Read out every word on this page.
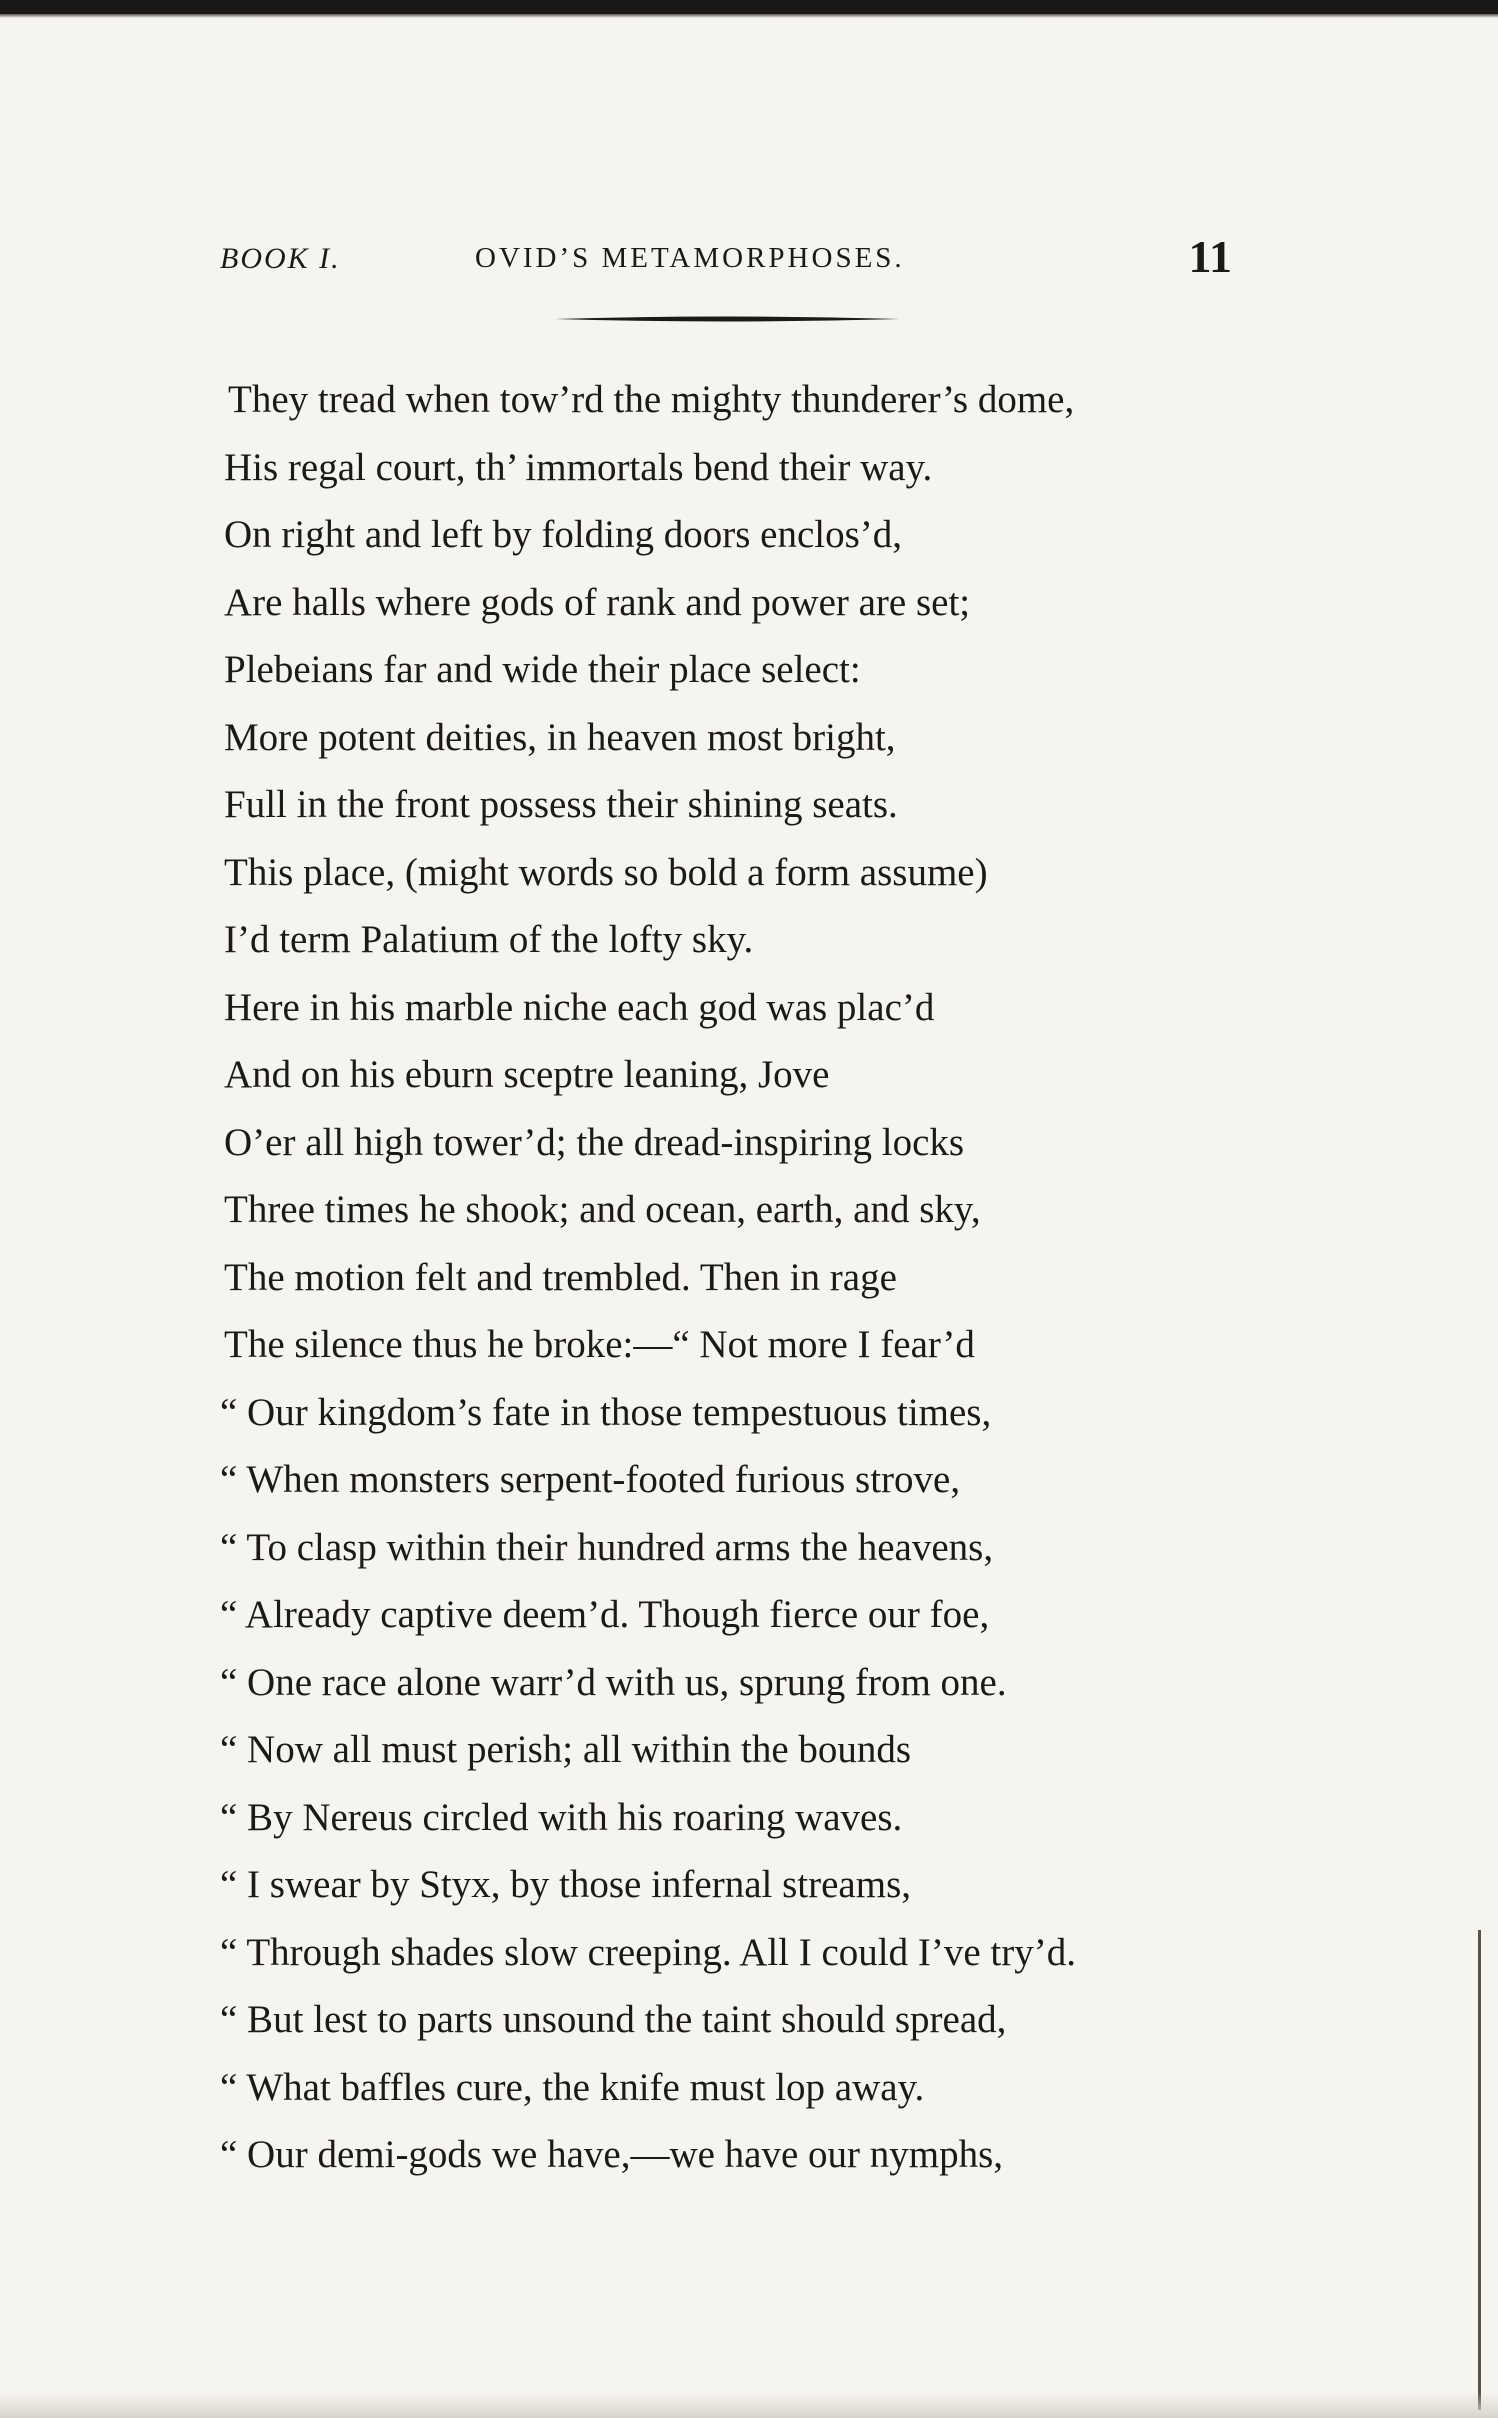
BOOK I.	OVID’S METAMORPHOSES.	11
They tread when tow’rd the mighty thunderer’s dome,
His regal court, th’ immortals bend their way.
On right and left by folding doors enclos’d,
Are halls where gods of rank and power are set;
Plebeians far and wide their place select:
More potent deities, in heaven most bright,
Full in the front possess their shining seats.
This place, (might words so bold a form assume)
I’d term Palatium of the lofty sky.
Here in his marble niche each god was plac’d
And on his eburn sceptre leaning, Jove
O’er all high tower’d; the dread-inspiring locks
Three times he shook; and ocean, earth, and sky,
The motion felt and trembled. Then in rage
The silence thus he broke:—“ Not more I fear’d
“ Our kingdom’s fate in those tempestuous times,
“ When monsters serpent-footed furious strove,
“ To clasp within their hundred arms the heavens,
“ Already captive deem’d. Though fierce our foe,
“ One race alone warr’d with us, sprung from one.
“ Now all must perish; all within the bounds
“ By Nereus circled with his roaring waves.
“ I swear by Styx, by those infernal streams,
“ Through shades slow creeping. All I could I’ve try’d.
“ But lest to parts unsound the taint should spread,
“ What baffles cure, the knife must lop away.
“ Our demi-gods we have,—we have our nymphs,
